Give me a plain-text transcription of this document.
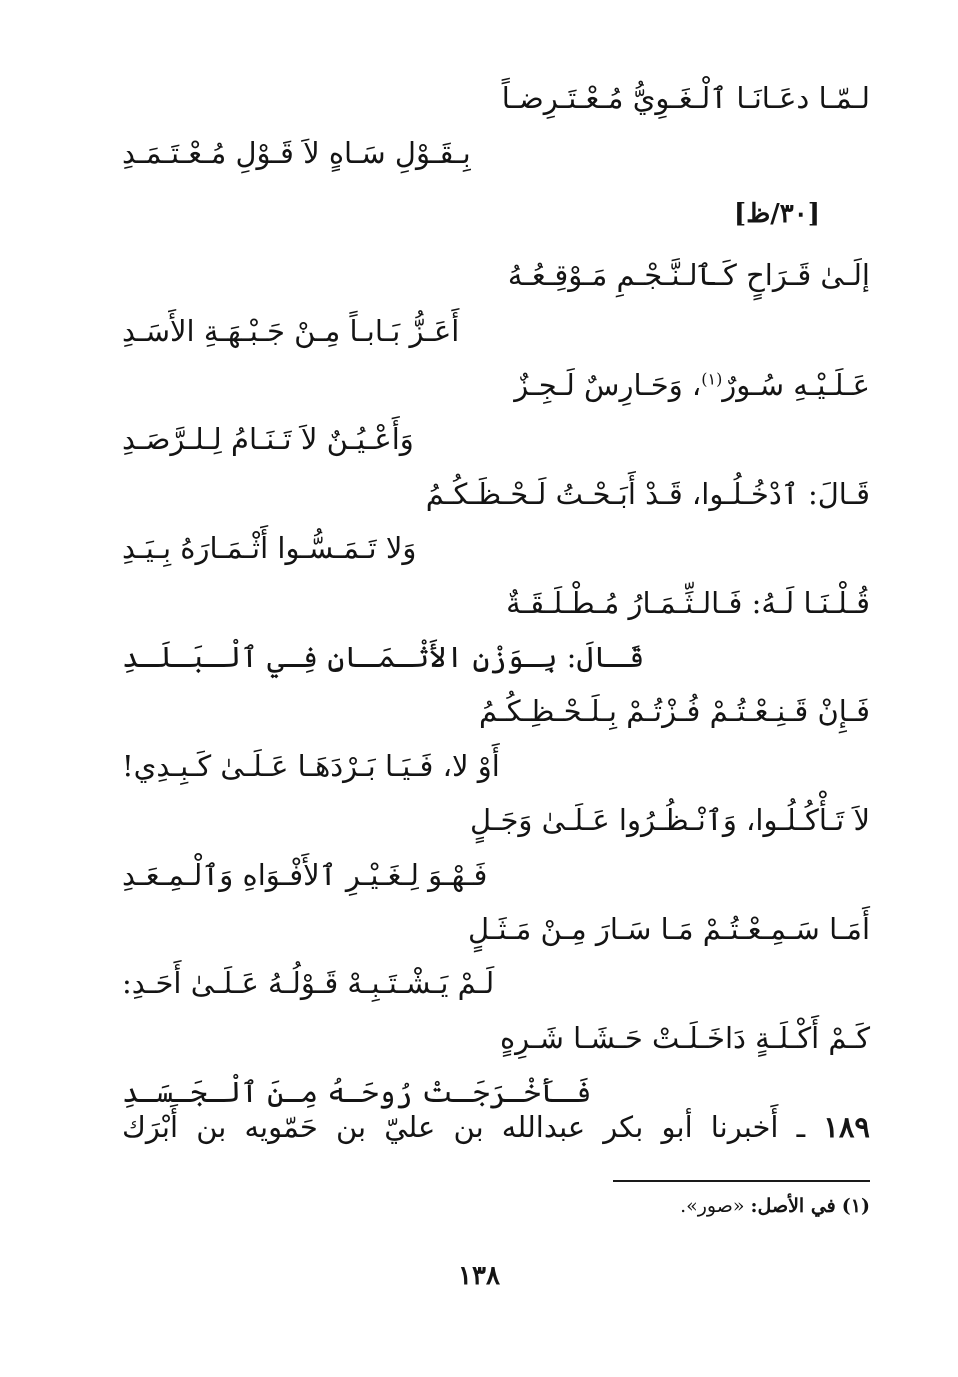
لـمّـا دعَـانَـا ٱلْـغَـوِيُّ مُـعْـتَـرِضـاً
بِـقَـوْلِ سَـاهٍ لاَ قَـوْلِ مُـعْـتَـمَـدِ
[٣٠/ظ]
إلَـىٰ قَـرَاحٍ كَـٱلـنَّـجْـمِ مَـوْقِـعُـهُ
أَعَـزُّ بَـابـاً مِـنْ جَـبْـهَـةِ الأَسَـدِ
عَـلَـيْـهِ سُـورٌ$^{(١)}$، وَحَـارِسٌ لَـجِـزٌ
وَأَعْـيُـنٌ لاَ تَـنَـامُ لِـلـرَّصَـدِ
قَـالَ: ٱدْخُـلُـوا، قَـدْ أَبَـحْـتُ لَـحْـظَـكُـمُ
وَلا تَـمَـسُّـوا أَثْـمَـارَهُ بِـيَـدِ
قُـلْـنَـا لَـهُ: فَـالـثِّـمَـارُ مُـطْـلَـقَـةٌ
قَـالَ: بِـوَزْنِ الأَثْـمَـانِ فِـي ٱلْـبَـلَـدِ
فَـإِنْ قَـنِـعْـتُـمْ فُـزْتُـمْ بِـلَـحْـظِـكُـمُ
أَوْ لا، فَـيَـا بَـرْدَهَـا عَـلَـىٰ كَـبِـدِي!
لاَ تَـأْكُـلُـوا، وَٱنْـظُـرُوا عَـلَـىٰ وَجَـلٍ
فَـهْـوَ لِـغَـيْـرِ ٱلأَفْـوَاهِ وَٱلْـمِـعَـدِ
أَمَـا سَـمِـعْـتُـمْ مَـا سَـارَ مِـنْ مَـثَـلٍ
لَـمْ يَـشْـتَـبِـهْ قَـوْلُـهُ عَـلَـىٰ أَحَـدِ:
كَـمْ أَكْـلَـةٍ دَاخَـلَـتْ حَـشَـا شَـرِهٍ
فَـأَخْـرَجَـتْ رُوحَـهُ مِـنَ ٱلْـجَـسَـدِ
١٨٩ ـ أَخبرنا أبو بكر عبدالله بن عليّ بن حَمّويه بن أَبْرَك
(١) في الأصل: «صور».
١٣٨
